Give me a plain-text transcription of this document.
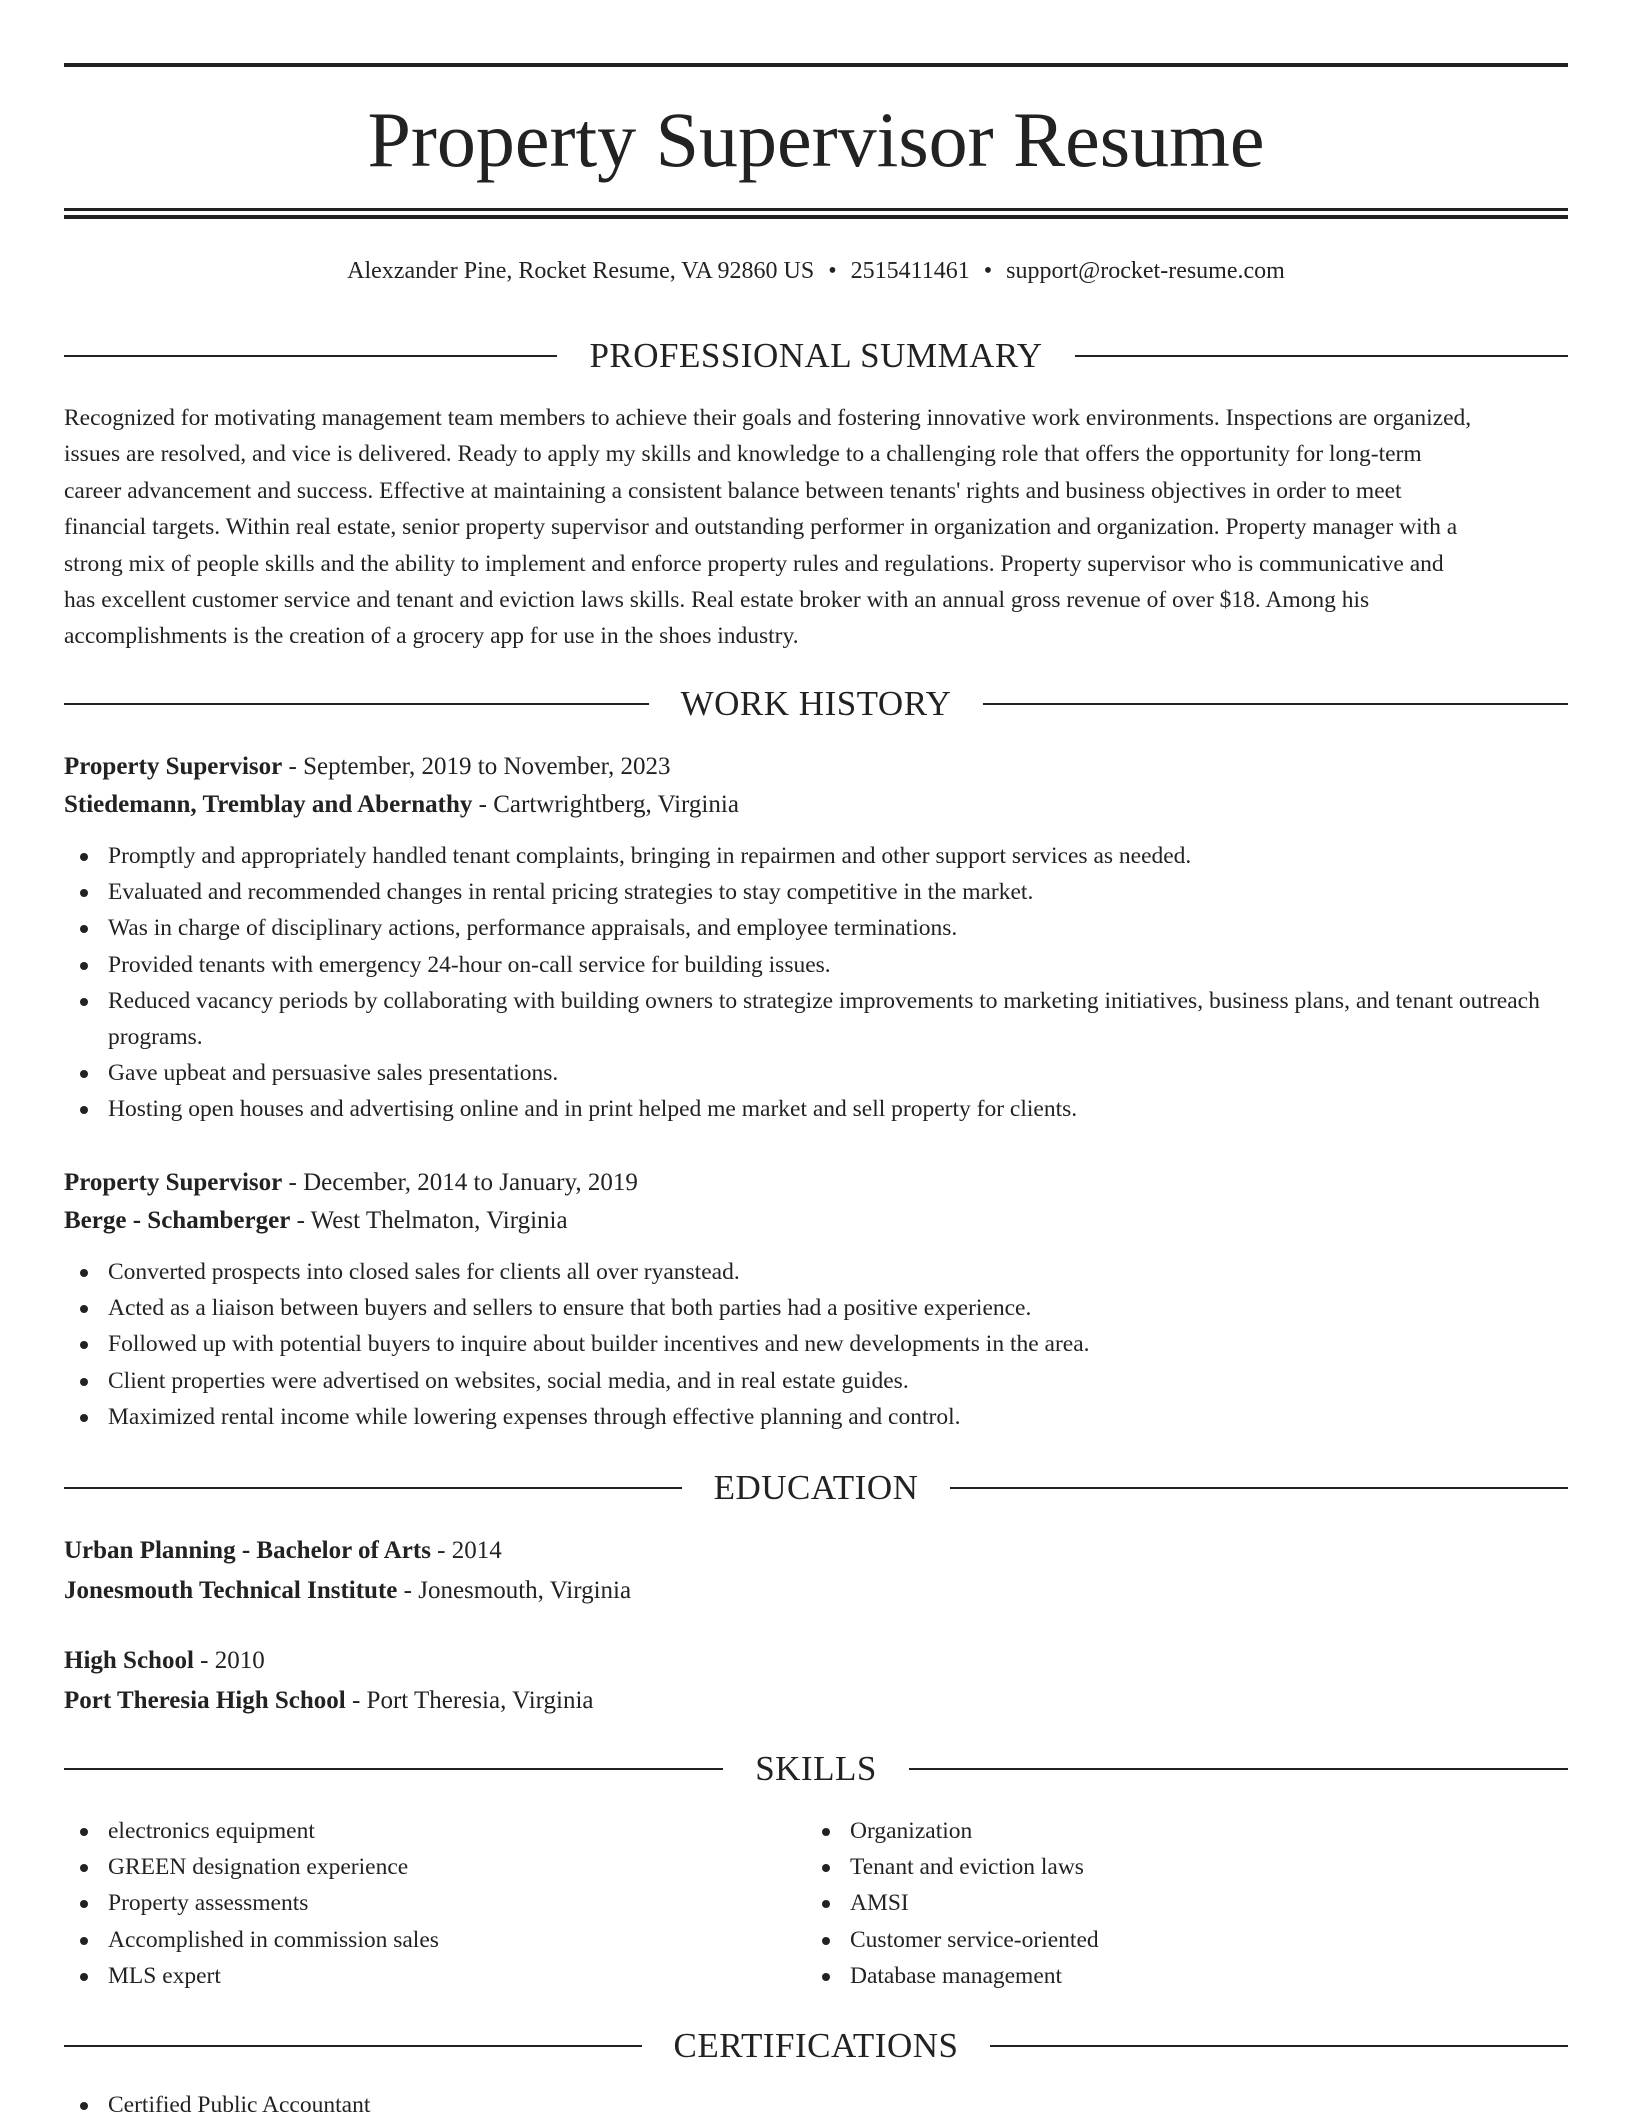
Property Supervisor Resume
Alexzander Pine, Rocket Resume, VA 92860 US • 2515411461 • support@rocket-resume.com
PROFESSIONAL SUMMARY
Recognized for motivating management team members to achieve their goals and fostering innovative work environments. Inspections are organized,
issues are resolved, and vice is delivered. Ready to apply my skills and knowledge to a challenging role that offers the opportunity for long-term
career advancement and success. Effective at maintaining a consistent balance between tenants' rights and business objectives in order to meet
financial targets. Within real estate, senior property supervisor and outstanding performer in organization and organization. Property manager with a
strong mix of people skills and the ability to implement and enforce property rules and regulations. Property supervisor who is communicative and
has excellent customer service and tenant and eviction laws skills. Real estate broker with an annual gross revenue of over $18. Among his
accomplishments is the creation of a grocery app for use in the shoes industry.
WORK HISTORY
Property Supervisor - September, 2019 to November, 2023
Stiedemann, Tremblay and Abernathy - Cartwrightberg, Virginia
Promptly and appropriately handled tenant complaints, bringing in repairmen and other support services as needed.
Evaluated and recommended changes in rental pricing strategies to stay competitive in the market.
Was in charge of disciplinary actions, performance appraisals, and employee terminations.
Provided tenants with emergency 24-hour on-call service for building issues.
Reduced vacancy periods by collaborating with building owners to strategize improvements to marketing initiatives, business plans, and tenant outreach programs.
Gave upbeat and persuasive sales presentations.
Hosting open houses and advertising online and in print helped me market and sell property for clients.
Property Supervisor - December, 2014 to January, 2019
Berge - Schamberger - West Thelmaton, Virginia
Converted prospects into closed sales for clients all over ryanstead.
Acted as a liaison between buyers and sellers to ensure that both parties had a positive experience.
Followed up with potential buyers to inquire about builder incentives and new developments in the area.
Client properties were advertised on websites, social media, and in real estate guides.
Maximized rental income while lowering expenses through effective planning and control.
EDUCATION
Urban Planning - Bachelor of Arts - 2014
Jonesmouth Technical Institute - Jonesmouth, Virginia
High School - 2010
Port Theresia High School - Port Theresia, Virginia
SKILLS
electronics equipment
GREEN designation experience
Property assessments
Accomplished in commission sales
MLS expert
Organization
Tenant and eviction laws
AMSI
Customer service-oriented
Database management
CERTIFICATIONS
Certified Public Accountant
